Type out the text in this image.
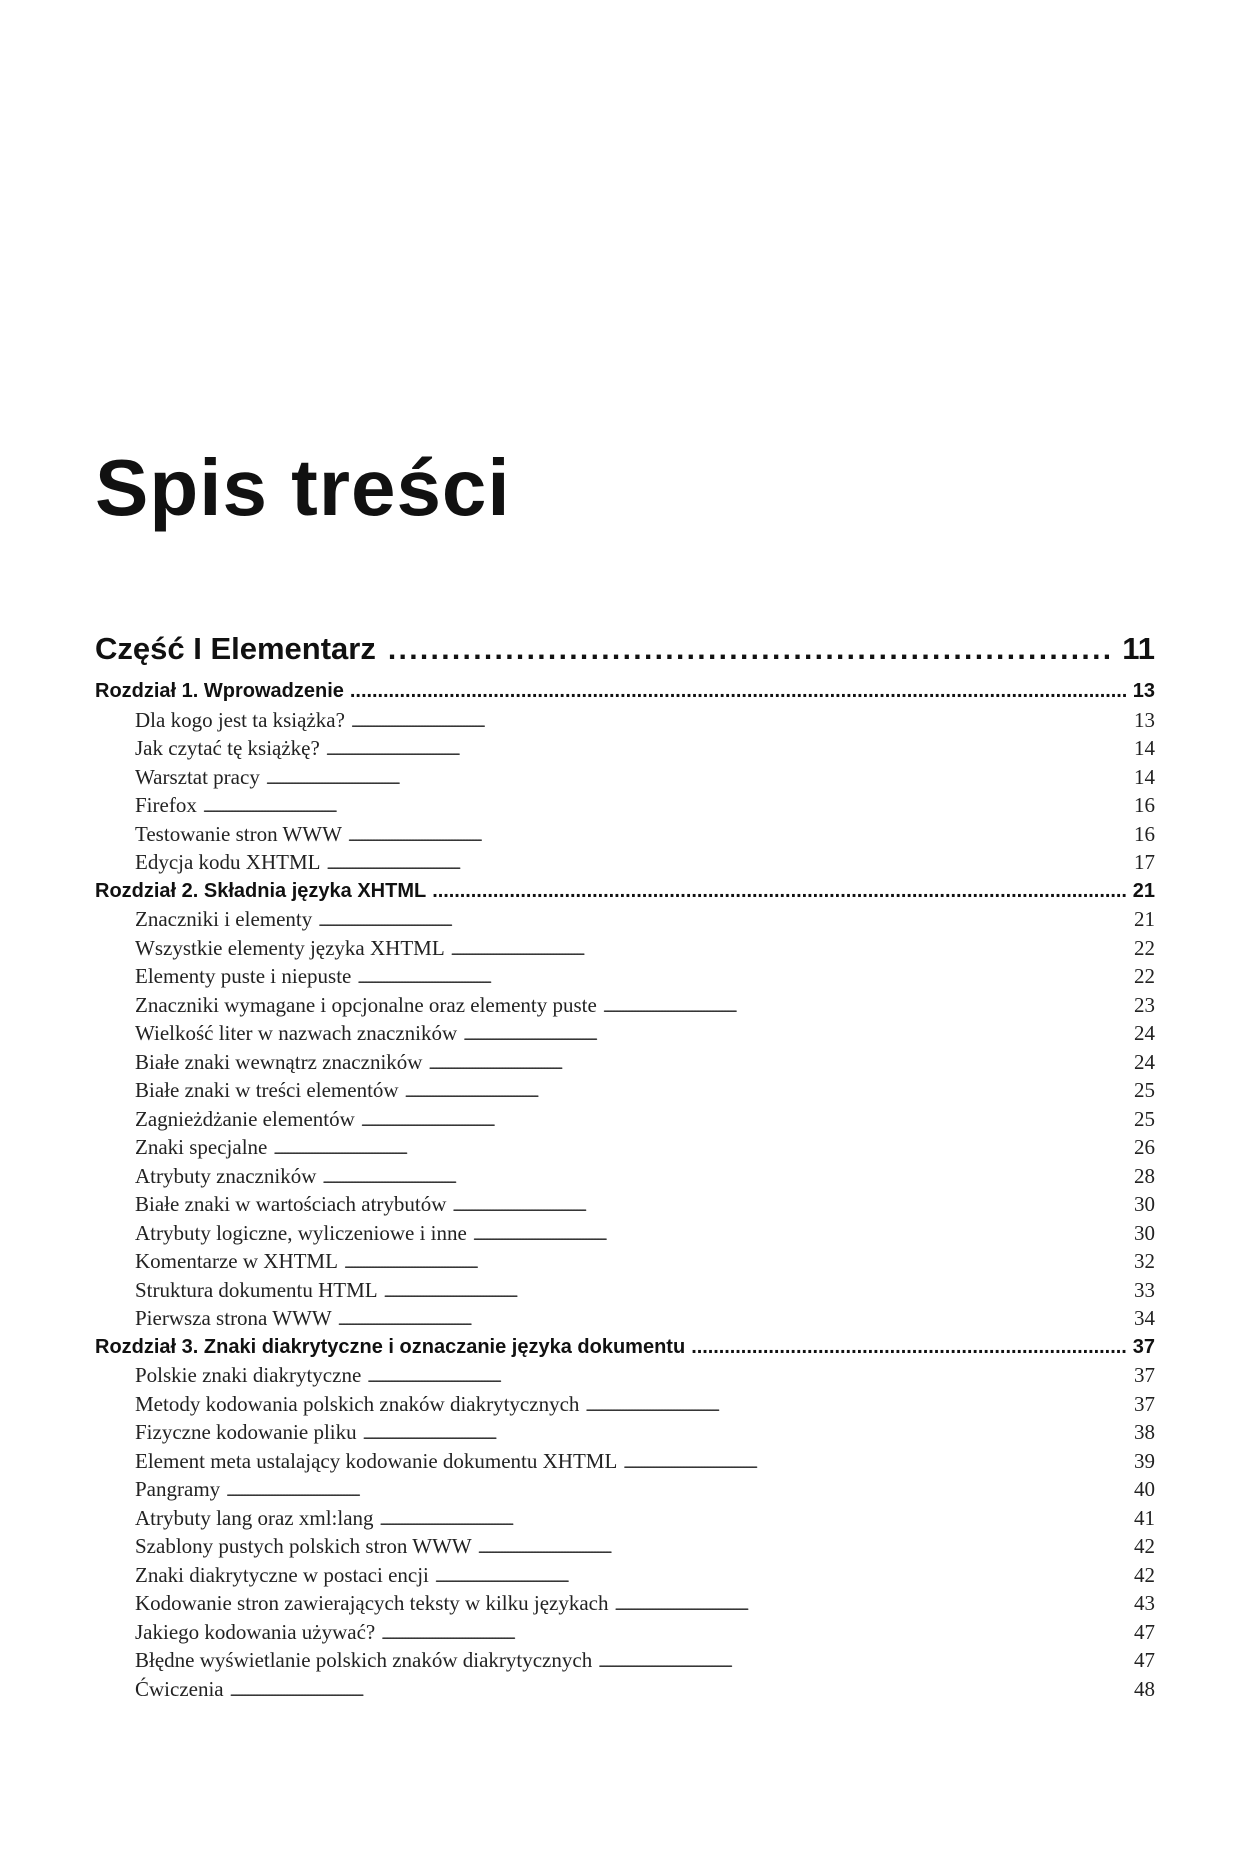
Spis treści
Część I Elementarz . . .	11
Rozdział 1. Wprowadzenie . . .	13
Dla kogo jest ta książka? . . .	13
Jak czytać tę książkę? . . .	14
Warsztat pracy . . .	14
Firefox . . .	16
Testowanie stron WWW . . .	16
Edycja kodu XHTML . . .	17
Rozdział 2. Składnia języka XHTML . . .	21
Znaczniki i elementy . . .	21
Wszystkie elementy języka XHTML . . .	22
Elementy puste i niepuste . . .	22
Znaczniki wymagane i opcjonalne oraz elementy puste . . .	23
Wielkość liter w nazwach znaczników . . .	24
Białe znaki wewnątrz znaczników . . .	24
Białe znaki w treści elementów . . .	25
Zagnieżdżanie elementów . . .	25
Znaki specjalne . . .	26
Atrybuty znaczników . . .	28
Białe znaki w wartościach atrybutów . . .	30
Atrybuty logiczne, wyliczeniowe i inne . . .	30
Komentarze w XHTML . . .	32
Struktura dokumentu HTML . . .	33
Pierwsza strona WWW . . .	34
Rozdział 3. Znaki diakrytyczne i oznaczanie języka dokumentu . . .	37
Polskie znaki diakrytyczne . . .	37
Metody kodowania polskich znaków diakrytycznych . . .	37
Fizyczne kodowanie pliku . . .	38
Element meta ustalający kodowanie dokumentu XHTML . . .	39
Pangramy . . .	40
Atrybuty lang oraz xml:lang . . .	41
Szablony pustych polskich stron WWW . . .	42
Znaki diakrytyczne w postaci encji . . .	42
Kodowanie stron zawierających teksty w kilku językach . . .	43
Jakiego kodowania używać? . . .	47
Błędne wyświetlanie polskich znaków diakrytycznych . . .	47
Ćwiczenia . . .	48
